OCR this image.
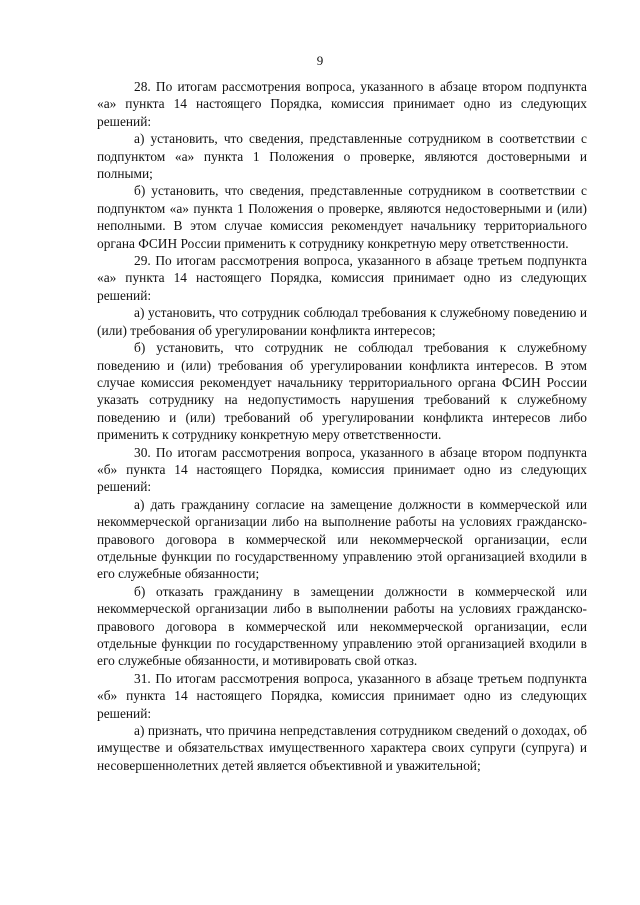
9

28. По итогам рассмотрения вопроса, указанного в абзаце втором подпункта «а» пункта 14 настоящего Порядка, комиссия принимает одно из следующих решений:

а) установить, что сведения, представленные сотрудником в соответствии с подпунктом «а» пункта 1 Положения о проверке, являются достоверными и полными;

б) установить, что сведения, представленные сотрудником в соответствии с подпунктом «а» пункта 1 Положения о проверке, являются недостоверными и (или) неполными. В этом случае комиссия рекомендует начальнику территориального органа ФСИН России применить к сотруднику конкретную меру ответственности.

29. По итогам рассмотрения вопроса, указанного в абзаце третьем подпункта «а» пункта 14 настоящего Порядка, комиссия принимает одно из следующих решений:

а) установить, что сотрудник соблюдал требования к служебному поведению и (или) требования об урегулировании конфликта интересов;

б) установить, что сотрудник не соблюдал требования к служебному поведению и (или) требования об урегулировании конфликта интересов. В этом случае комиссия рекомендует начальнику территориального органа ФСИН России указать сотруднику на недопустимость нарушения требований к служебному поведению и (или) требований об урегулировании конфликта интересов либо применить к сотруднику конкретную меру ответственности.

30. По итогам рассмотрения вопроса, указанного в абзаце втором подпункта «б» пункта 14 настоящего Порядка, комиссия принимает одно из следующих решений:

а) дать гражданину согласие на замещение должности в коммерческой или некоммерческой организации либо на выполнение работы на условиях гражданско-правового договора в коммерческой или некоммерческой организации, если отдельные функции по государственному управлению этой организацией входили в его служебные обязанности;

б) отказать гражданину в замещении должности в коммерческой или некоммерческой организации либо в выполнении работы на условиях гражданско-правового договора в коммерческой или некоммерческой организации, если отдельные функции по государственному управлению этой организацией входили в его служебные обязанности, и мотивировать свой отказ.

31. По итогам рассмотрения вопроса, указанного в абзаце третьем подпункта «б» пункта 14 настоящего Порядка, комиссия принимает одно из следующих решений:

а) признать, что причина непредставления сотрудником сведений о доходах, об имуществе и обязательствах имущественного характера своих супруги (супруга) и несовершеннолетних детей является объективной и уважительной;
